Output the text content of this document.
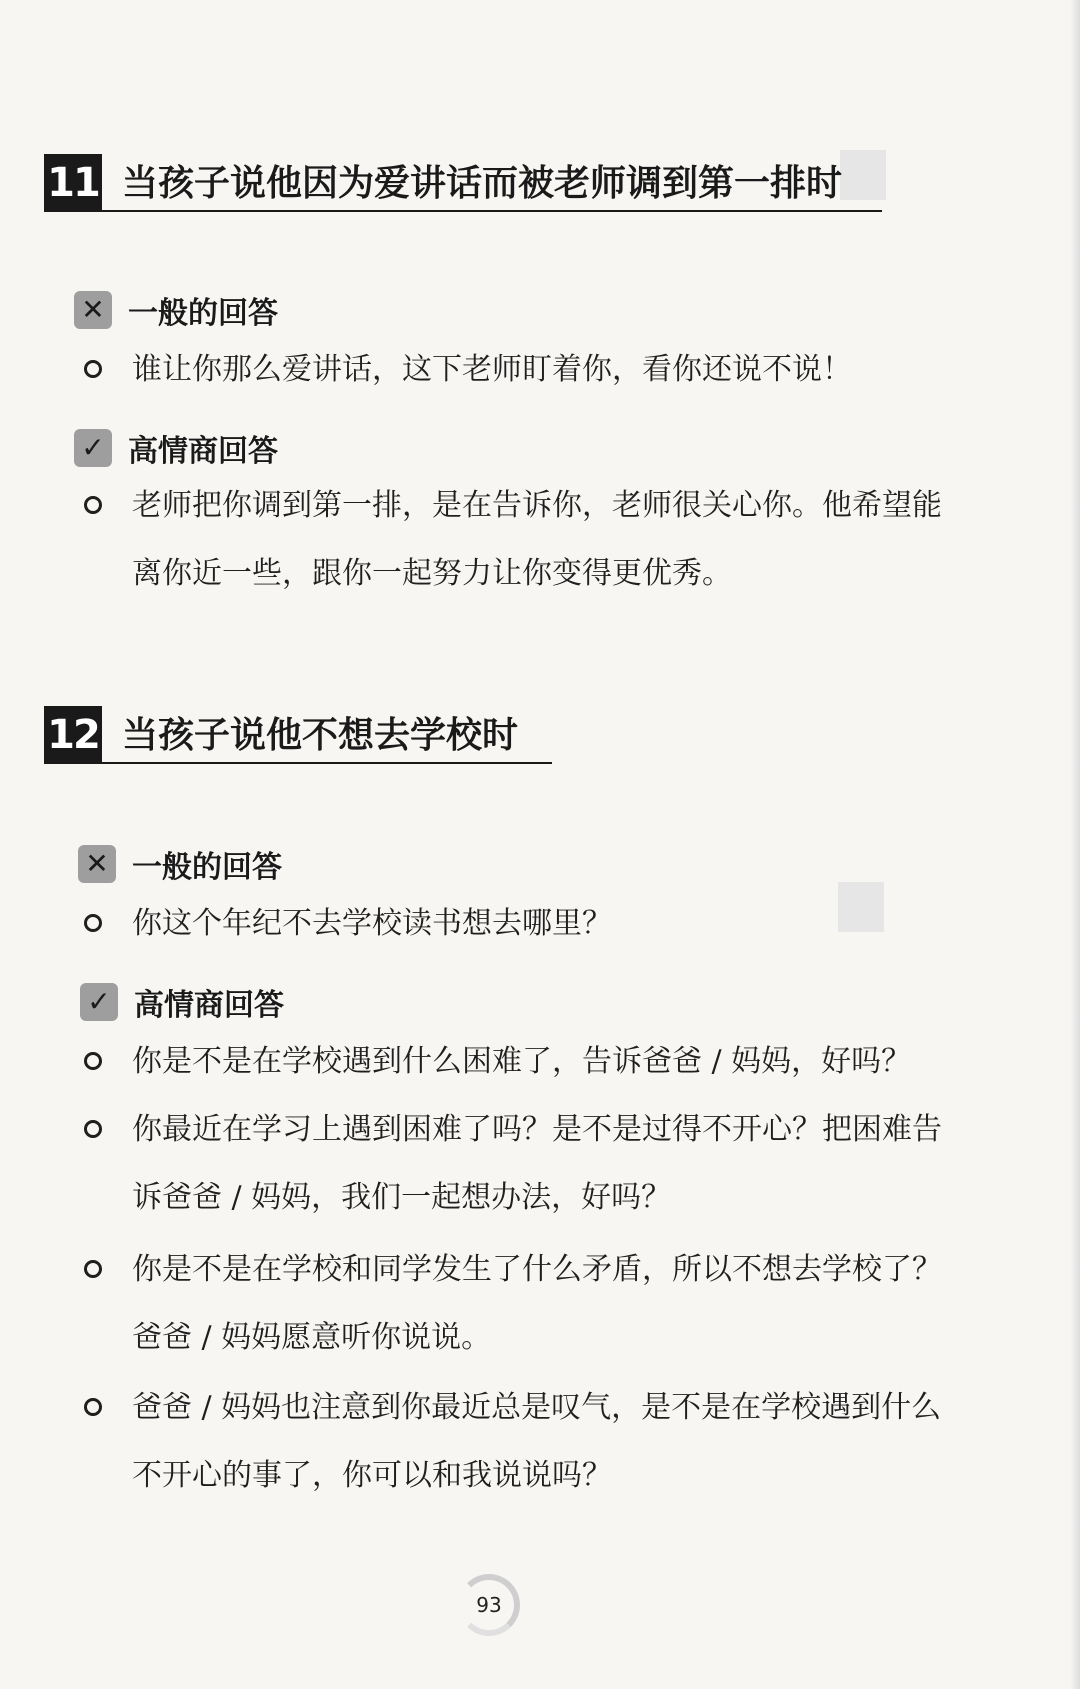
11 当孩子说他因为爱讲话而被老师调到第一排时
✕ 一般的回答
谁让你那么爱讲话，这下老师盯着你，看你还说不说！
✓ 高情商回答
老师把你调到第一排，是在告诉你，老师很关心你。他希望能离你近一些，跟你一起努力让你变得更优秀。
12 当孩子说他不想去学校时
✕ 一般的回答
你这个年纪不去学校读书想去哪里？
✓ 高情商回答
你是不是在学校遇到什么困难了，告诉爸爸 / 妈妈，好吗？
你最近在学习上遇到困难了吗？是不是过得不开心？把困难告诉爸爸 / 妈妈，我们一起想办法，好吗？
你是不是在学校和同学发生了什么矛盾，所以不想去学校了？爸爸 / 妈妈愿意听你说说。
爸爸 / 妈妈也注意到你最近总是叹气，是不是在学校遇到什么不开心的事了，你可以和我说说吗？
93
